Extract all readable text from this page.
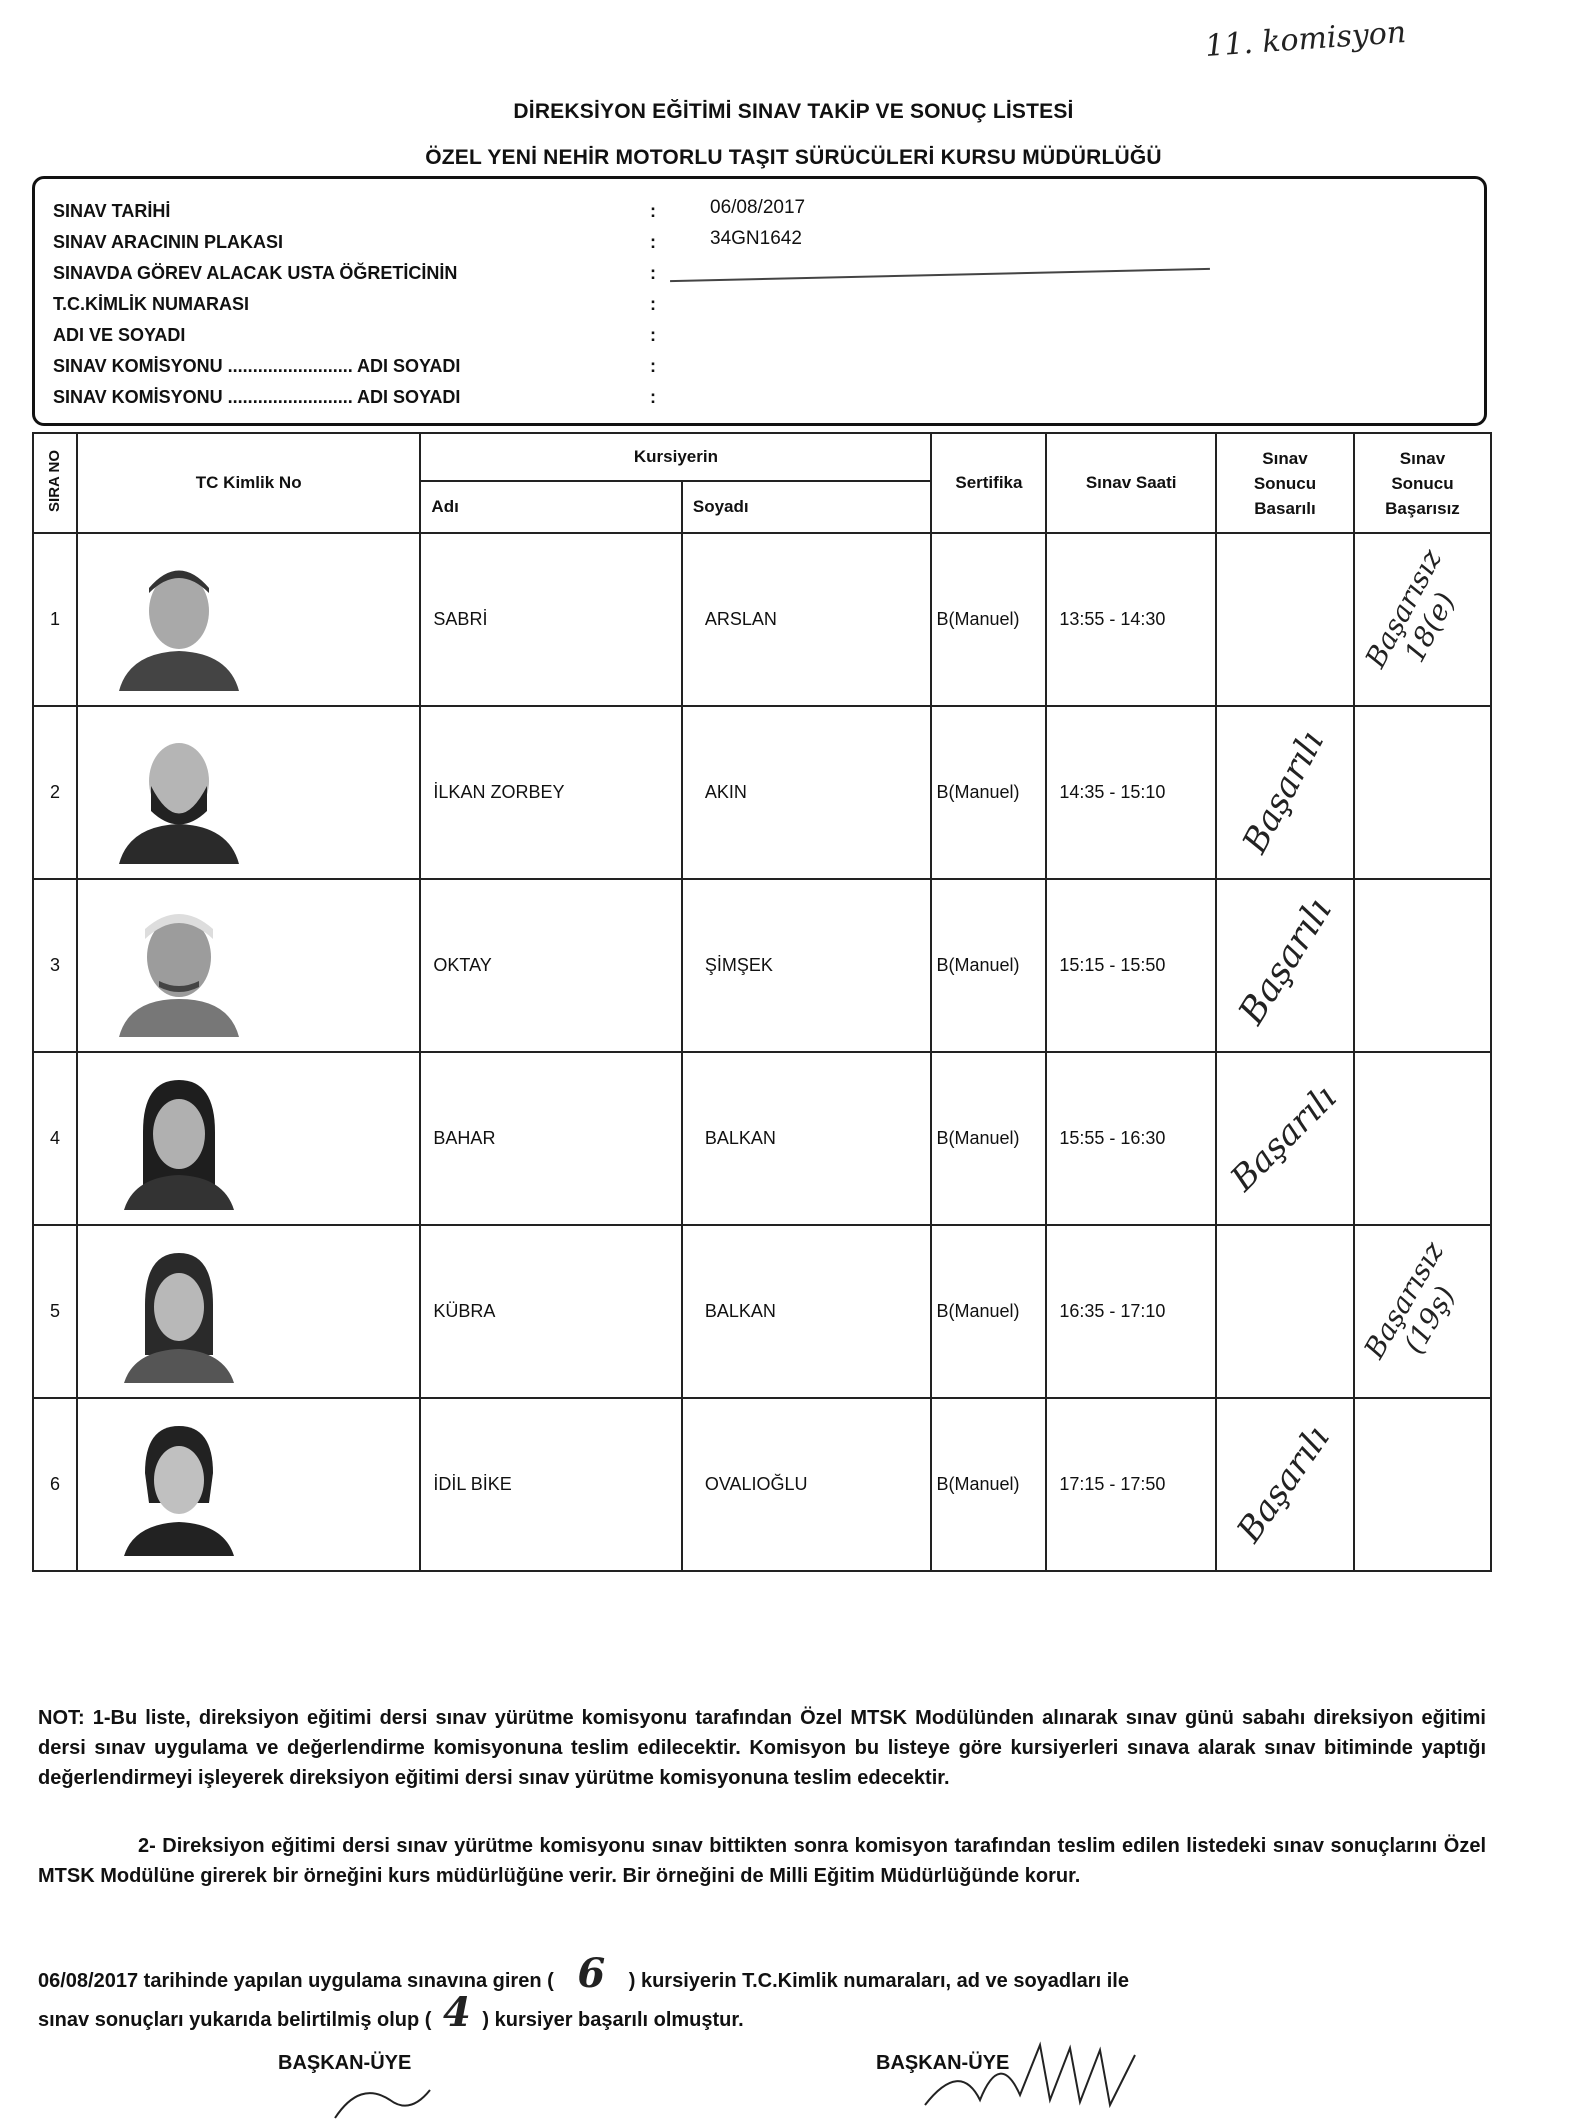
11. komisyon
DİREKSİYON EĞİTİMİ SINAV TAKİP VE SONUÇ LİSTESİ
ÖZEL YENİ NEHİR MOTORLU TAŞIT SÜRÜCÜLERİ KURSU MÜDÜRLÜĞÜ
SINAV TARİHİ	:	06/08/2017
SINAV ARACININ PLAKASI	:	34GN1642
SINAVDA GÖREV ALACAK USTA ÖĞRETİCİNİN	:
T.C.KİMLİK NUMARASI	:
ADI VE SOYADI	:
SINAV KOMİSYONU ......................... ADI SOYADI	:
SINAV KOMİSYONU ......................... ADI SOYADI	:
SIRA NO	TC Kimlik No	Kursiyerin		Sertifika	Sınav Saati	Sınav Sonucu Basarılı	Sınav Sonucu Başarısız

		Adı	Soyadı				
1		SABRİ	ARSLAN	B(Manuel)	13:55 - 14:30		Başarısız 18(e)

2		İLKAN ZORBEY	AKIN	B(Manuel)	14:35 - 15:10	Başarılı	

3		OKTAY	ŞİMŞEK	B(Manuel)	15:15 - 15:50	Başarılı	

4		BAHAR	BALKAN	B(Manuel)	15:55 - 16:30	Başarılı	

5		KÜBRA	BALKAN	B(Manuel)	16:35 - 17:10		Başarısız (19ş)

6		İDİL BİKE	OVALIOĞLU	B(Manuel)	17:15 - 17:50	Başarılı	

NOT: 1-Bu liste, direksiyon eğitimi dersi sınav yürütme komisyonu tarafından Özel MTSK Modülünden alınarak sınav günü sabahı direksiyon eğitimi dersi sınav uygulama ve değerlendirme komisyonuna teslim edilecektir. Komisyon bu listeye göre kursiyerleri sınava alarak sınav bitiminde yaptığı değerlendirmeyi işleyerek direksiyon eğitimi dersi sınav yürütme komisyonuna teslim edecektir.
2- Direksiyon eğitimi dersi sınav yürütme komisyonu sınav bittikten sonra komisyon tarafından teslim edilen listedeki sınav sonuçlarını Özel MTSK Modülüne girerek bir örneğini kurs müdürlüğüne verir. Bir örneğini de Milli Eğitim Müdürlüğünde korur.
06/08/2017 tarihinde yapılan uygulama sınavına giren ( 6 ) kursiyerin T.C.Kimlik numaraları, ad ve soyadları ile
sınav sonuçları yukarıda belirtilmiş olup ( 4 ) kursiyer başarılı olmuştur.
BAŞKAN-ÜYE	BAŞKAN-ÜYE
